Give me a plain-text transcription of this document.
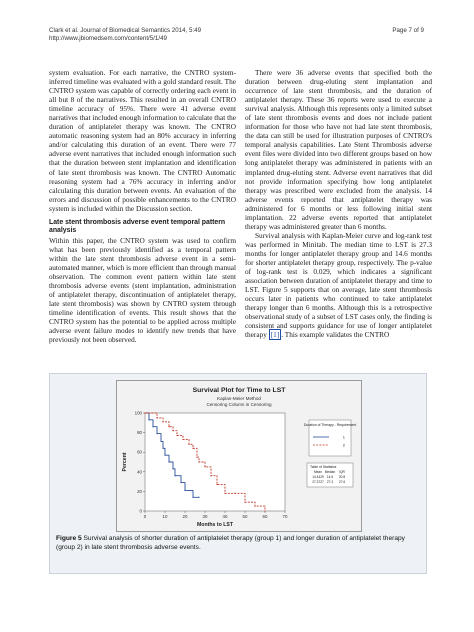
Clark et al. Journal of Biomedical Semantics 2014, 5:49
http://www.jbiomedsem.com/content/5/1/49
Page 7 of 9

system evaluation. For each narrative, the CNTRO system-inferred timeline was evaluated with a gold standard result. The CNTRO system was capable of correctly ordering each event in all but 8 of the narratives. This resulted in an overall CNTRO timeline accuracy of 95%. There were 41 adverse event narratives that included enough information to calculate that the duration of antiplatelet therapy was known. The CNTRO automatic reasoning system had an 80% accuracy in inferring and/or calculating this duration of an event. There were 77 adverse event narratives that included enough information such that the duration between stent implantation and identification of late stent thrombosis was known. The CNTRO Automatic reasoning system had a 76% accuracy in inferring and/or calculating this duration between events. An evaluation of the errors and discussion of possible enhancements to the CNTRO system is included within the Discussion section.

Late stent thrombosis adverse event temporal pattern analysis

Within this paper, the CNTRO system was used to confirm what has been previously identified as a temporal pattern within the late stent thrombosis adverse event in a semi-automated manner, which is more efficient than through manual observation. The common event pattern within late stent thrombosis adverse events (stent implantation, administration of antiplatelet therapy, discontinuation of antiplatelet therapy, late stent thrombosis) was shown by CNTRO system through timeline identification of events. This result shows that the CNTRO system has the potential to be applied across multiple adverse event failure modes to identify new trends that have previously not been observed.

There were 36 adverse events that specified both the duration between drug-eluting stent implantation and occurrence of late stent thrombosis, and the duration of antiplatelet therapy. These 36 reports were used to execute a survival analysis. Although this represents only a limited subset of late stent thrombosis events and does not include patient information for those who have not had late stent thrombosis, the data can still be used for illustration purposes of CNTRO's temporal analysis capabilities. Late Stent Thrombosis adverse event files were divided into two different groups based on how long antiplatelet therapy was administered in patients with an implanted drug-eluting stent. Adverse event narratives that did not provide information specifying how long antiplatelet therapy was prescribed were excluded from the analysis. 14 adverse events reported that antiplatelet therapy was administered for 6 months or less following initial stent implantation. 22 adverse events reported that antiplatelet therapy was administered greater than 6 months.

Survival analysis with Kaplan-Meier curve and log-rank test was performed in Minitab. The median time to LST is 27.3 months for longer antiplatelet therapy group and 14.6 months for shorter antiplatelet therapy group, respectively. The p-value of log-rank test is 0.029, which indicates a significant association between duration of antiplatelet therapy and time to LST. Figure 5 supports that on average, late stent thrombosis occurs later in patients who continued to take antiplatelet therapy longer than 6 months. Although this is a retrospective observational study of a subset of LST cases only, the finding is consistent and supports guidance for use of longer antiplatelet therapy [1] . This example validates the CNTRO

Survival Plot for Time to LST
Kaplan-Meier Method
Censoring Column in Censoring
0	10	20	30	40	50	60	70
0
20
40
60
80
100
Months to LST
Percent
Duration of Therapy - Requirement
1
2
Table of Statistics
Mean Median IQR
14.4429 14.6 20.8
27.3727 27.3 27.6
Figure 5 Survival analysis of shorter duration of antiplatelet therapy (group 1) and longer duration of antiplatelet therapy (group 2) in late stent thrombosis adverse events.
